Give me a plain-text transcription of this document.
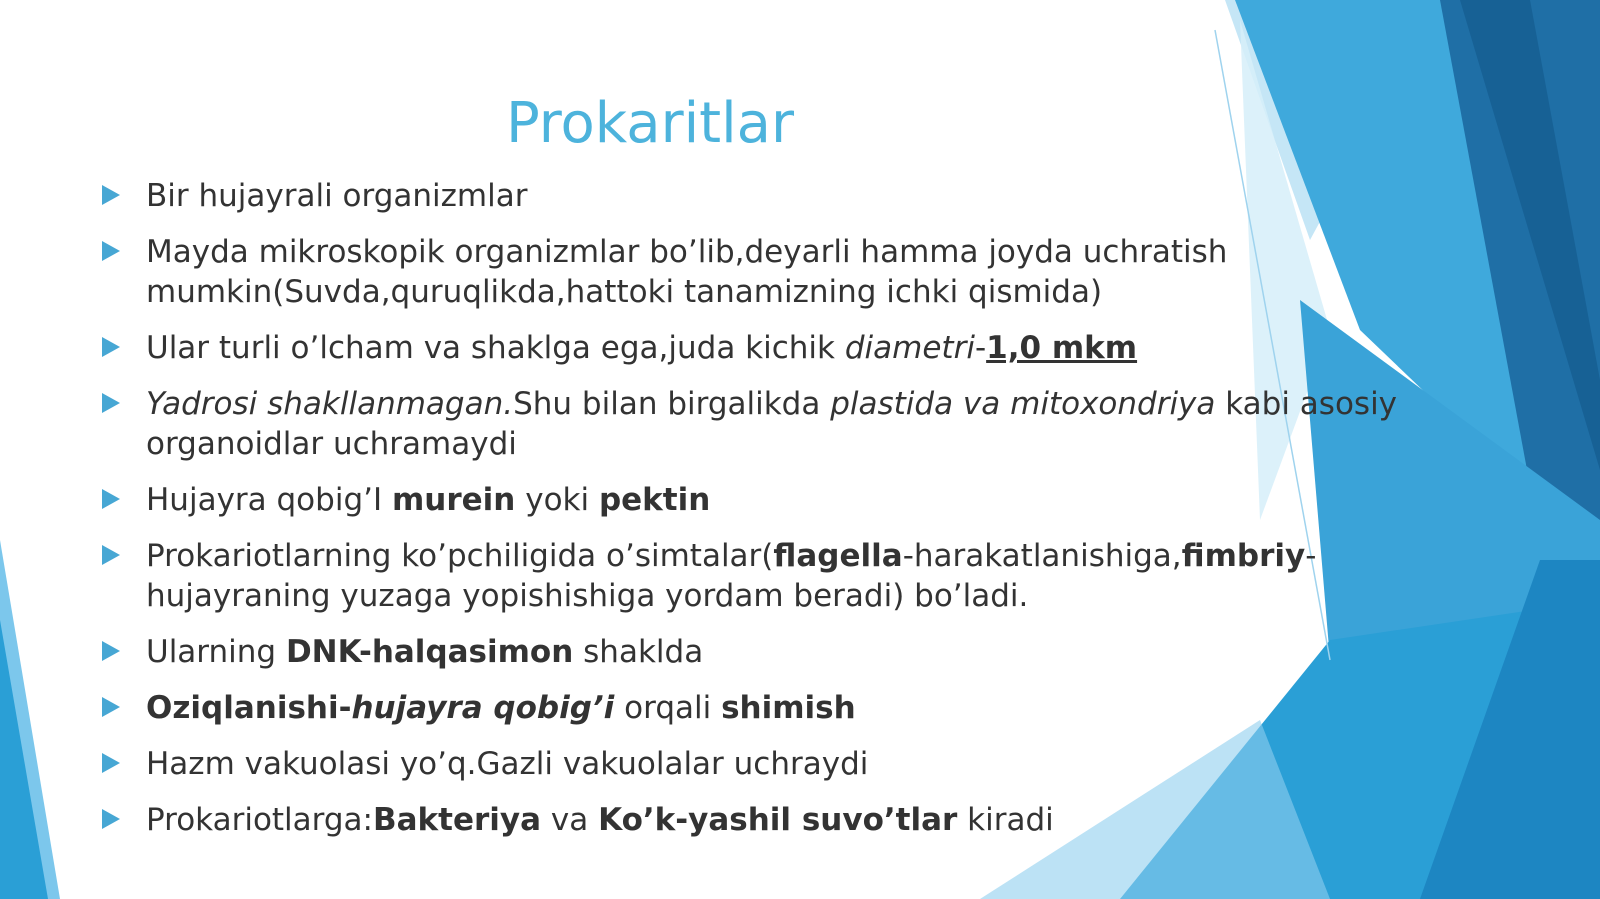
Prokaritlar
Bir hujayrali organizmlar
Mayda mikroskopik organizmlar bo’lib,deyarli hamma joyda uchratish mumkin(Suvda,quruqlikda,hattoki tanamizning ichki qismida)
Ular turli o’lcham va shaklga ega,juda kichik diametri-1,0 mkm
Yadrosi shakllanmagan.Shu bilan birgalikda plastida va mitoxondriya kabi asosiy organoidlar uchramaydi
Hujayra qobig’I murein yoki pektin
Prokariotlarning ko’pchiligida o’simtalar(flagella-harakatlanishiga,fimbriy-hujayraning yuzaga yopishishiga yordam beradi) bo’ladi.
Ularning DNK-halqasimon shaklda
Oziqlanishi-hujayra qobig’i orqali shimish
Hazm vakuolasi yo’q.Gazli vakuolalar uchraydi
Prokariotlarga:Bakteriya va Ko’k-yashil suvo’tlar kiradi
